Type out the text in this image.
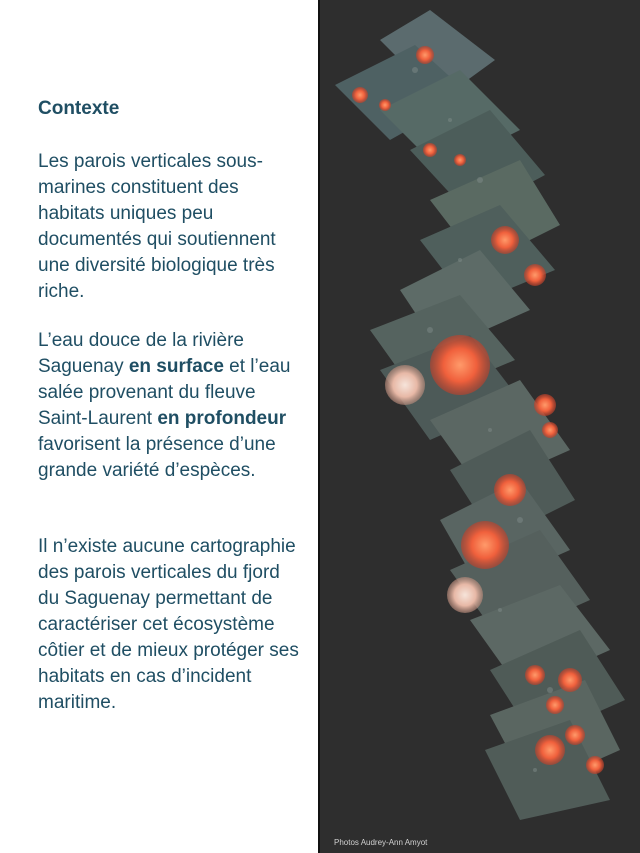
Contexte

Les parois verticales sous-marines constituent des habitats uniques peu documentés qui soutiennent une diversité biologique très riche.

L’eau douce de la rivière Saguenay en surface et l’eau salée provenant du fleuve Saint-Laurent en profondeur favorisent la présence d’une grande variété d’espèces.

Il n’existe aucune cartographie des parois verticales du fjord du Saguenay permettant de caractériser cet écosystème côtier et de mieux protéger ses habitats en cas d’incident maritime.

Photos Audrey-Ann Amyot
